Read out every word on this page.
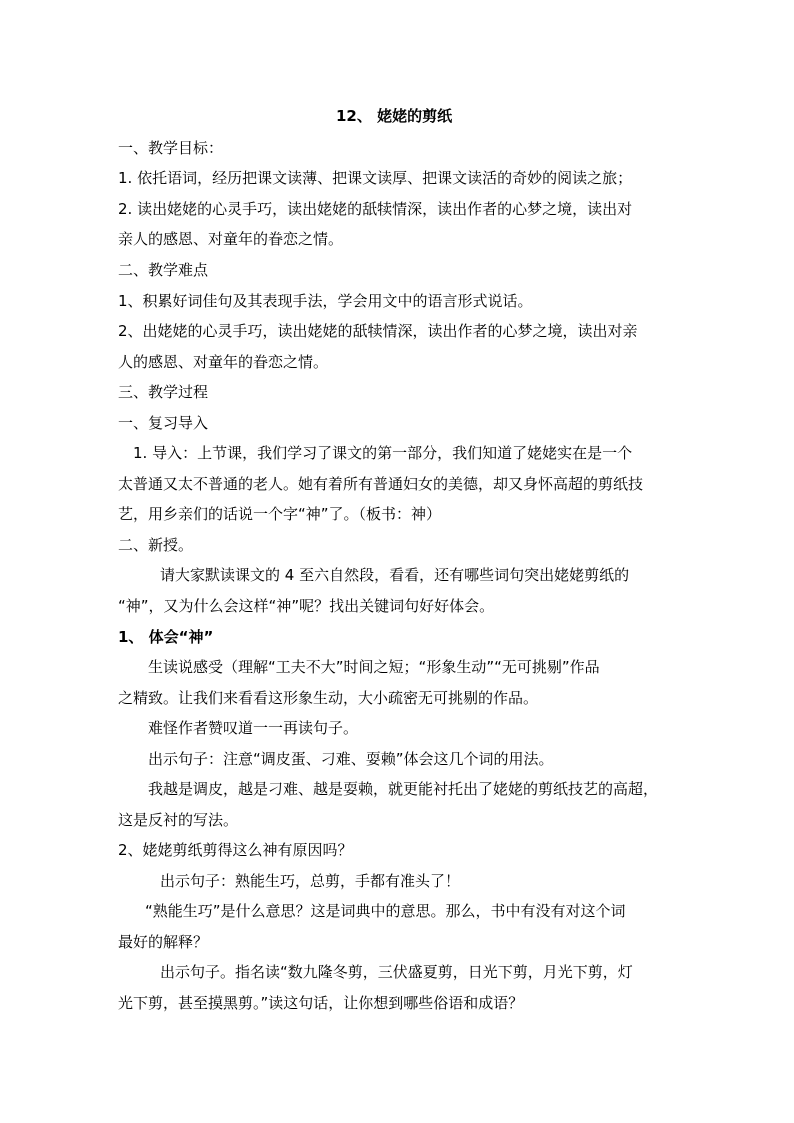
12、 姥姥的剪纸
一、教学目标：
1. 依托语词，经历把课文读薄、把课文读厚、把课文读活的奇妙的阅读之旅；
2. 读出姥姥的心灵手巧，读出姥姥的舐犊情深，读出作者的心梦之境，读出对
亲人的感恩、对童年的眷恋之情。
二、教学难点
1、积累好词佳句及其表现手法，学会用文中的语言形式说话。
2、出姥姥的心灵手巧，读出姥姥的舐犊情深，读出作者的心梦之境，读出对亲
人的感恩、对童年的眷恋之情。
三、教学过程
一、复习导入
1. 导入：上节课，我们学习了课文的第一部分，我们知道了姥姥实在是一个
太普通又太不普通的老人。她有着所有普通妇女的美德，却又身怀高超的剪纸技
艺，用乡亲们的话说一个字“神”了。（板书：神）
二、新授。
请大家默读课文的 4 至六自然段，看看，还有哪些词句突出姥姥剪纸的
“神”，又为什么会这样“神”呢？找出关键词句好好体会。
1、 体会“神”
生读说感受（理解“工夫不大”时间之短；“形象生动”“无可挑剔”作品
之精致。让我们来看看这形象生动，大小疏密无可挑剔的作品。
难怪作者赞叹道一一再读句子。
出示句子：注意“调皮蛋、刁难、耍赖”体会这几个词的用法。
我越是调皮，越是刁难、越是耍赖，就更能衬托出了姥姥的剪纸技艺的高超，
这是反衬的写法。
2、姥姥剪纸剪得这么神有原因吗？
出示句子：熟能生巧，总剪，手都有准头了！
“熟能生巧”是什么意思？这是词典中的意思。那么，书中有没有对这个词
最好的解释？
出示句子。指名读“数九隆冬剪，三伏盛夏剪，日光下剪，月光下剪，灯
光下剪，甚至摸黑剪。”读这句话，让你想到哪些俗语和成语？
